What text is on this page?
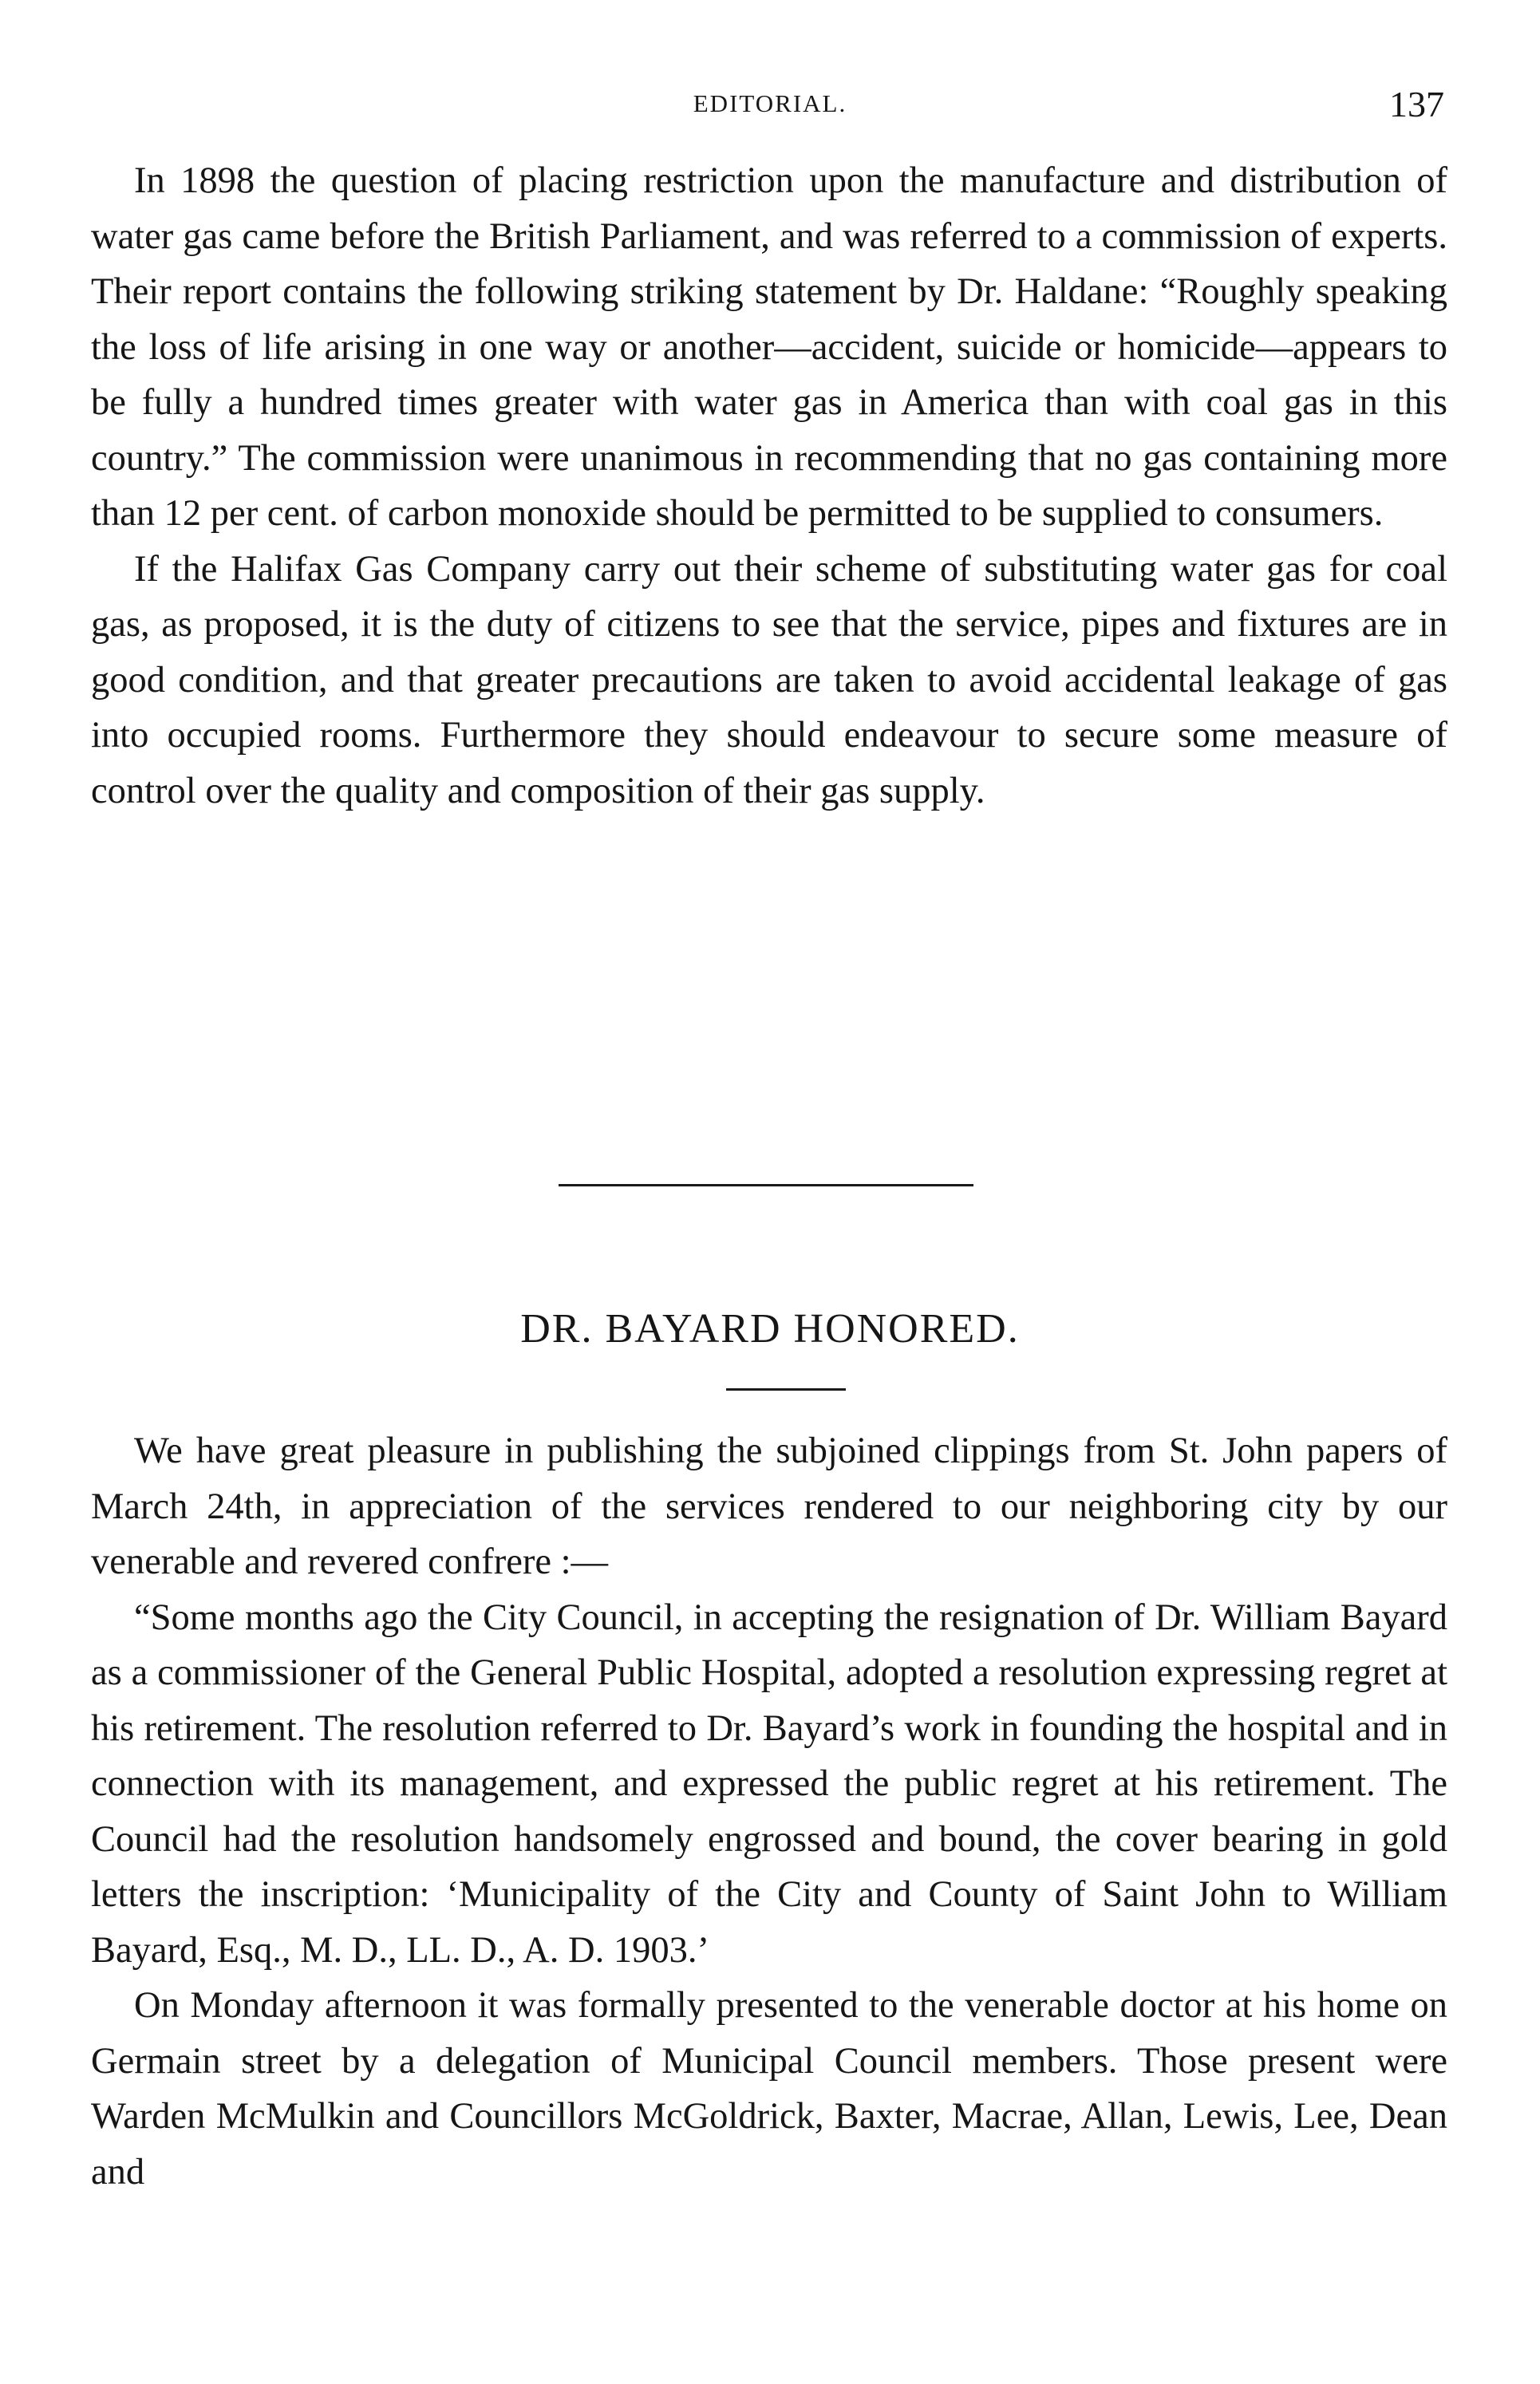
EDITORIAL.	137

In 1898 the question of placing restriction upon the manufacture and distribution of water gas came before the British Parliament, and was referred to a commission of experts. Their report contains the following striking statement by Dr. Haldane: “Roughly speaking the loss of life arising in one way or another—accident, suicide or homicide—appears to be fully a hundred times greater with water gas in America than with coal gas in this country.” The commission were unanimous in recommending that no gas containing more than 12 per cent. of carbon monoxide should be permitted to be supplied to consumers.

If the Halifax Gas Company carry out their scheme of substituting water gas for coal gas, as proposed, it is the duty of citizens to see that the service, pipes and fixtures are in good condition, and that greater precautions are taken to avoid accidental leakage of gas into occupied rooms. Furthermore they should endeavour to secure some measure of control over the quality and composition of their gas supply.

DR. BAYARD HONORED.

We have great pleasure in publishing the subjoined clippings from St. John papers of March 24th, in appreciation of the services rendered to our neighboring city by our venerable and revered confrere :—

“Some months ago the City Council, in accepting the resignation of Dr. William Bayard as a commissioner of the General Public Hospital, adopted a resolution expressing regret at his retirement. The resolution referred to Dr. Bayard’s work in founding the hospital and in connection with its management, and expressed the public regret at his retirement. The Council had the resolution handsomely engrossed and bound, the cover bearing in gold letters the inscription: ‘Municipality of the City and County of Saint John to William Bayard, Esq., M. D., LL. D., A. D. 1903.’

On Monday afternoon it was formally presented to the venerable doctor at his home on Germain street by a delegation of Municipal Council members. Those present were Warden McMulkin and Councillors McGoldrick, Baxter, Macrae, Allan, Lewis, Lee, Dean and
